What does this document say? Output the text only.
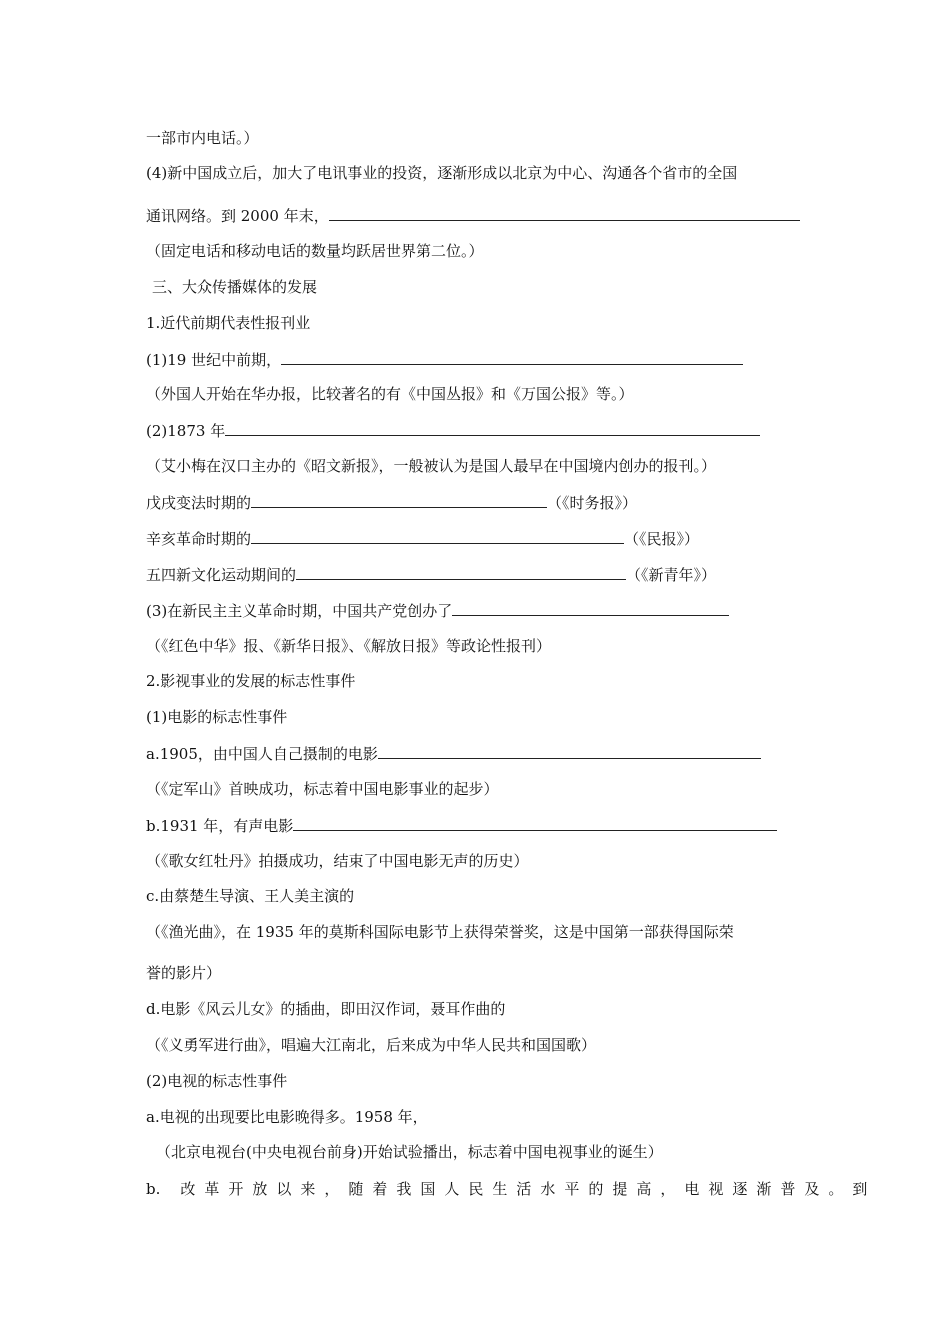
一部市内电话。）
(4)新中国成立后，加大了电讯事业的投资，逐渐形成以北京为中心、沟通各个省市的全国
通讯网络。到 2000 年末，
（固定电话和移动电话的数量均跃居世界第二位。）
三、大众传播媒体的发展
1.近代前期代表性报刊业
(1)19 世纪中前期，
（外国人开始在华办报，比较著名的有《中国丛报》和《万国公报》等。）
(2)1873 年
（艾小梅在汉口主办的《昭文新报》，一般被认为是国人最早在中国境内创办的报刊。）
戊戌变法时期的	（《时务报》）
辛亥革命时期的	（《民报》）
五四新文化运动期间的	（《新青年》）
(3)在新民主主义革命时期，中国共产党创办了
（《红色中华》报、《新华日报》、《解放日报》等政论性报刊）
2.影视事业的发展的标志性事件
(1)电影的标志性事件
a.1905，由中国人自己摄制的电影
（《定军山》首映成功，标志着中国电影事业的起步）
b.1931 年，有声电影
（《歌女红牡丹》拍摄成功，结束了中国电影无声的历史）
c.由蔡楚生导演、王人美主演的
（《渔光曲》，在 1935 年的莫斯科国际电影节上获得荣誉奖，这是中国第一部获得国际荣
誉的影片）
d.电影《风云儿女》的插曲，即田汉作词，聂耳作曲的
（《义勇军进行曲》，唱遍大江南北，后来成为中华人民共和国国歌）
(2)电视的标志性事件
a.电视的出现要比电影晚得多。1958 年，
（北京电视台(中央电视台前身)开始试验播出，标志着中国电视事业的诞生）
b. 改革开放以来，随着我国人民生活水平的提高，电视逐渐普及。到
